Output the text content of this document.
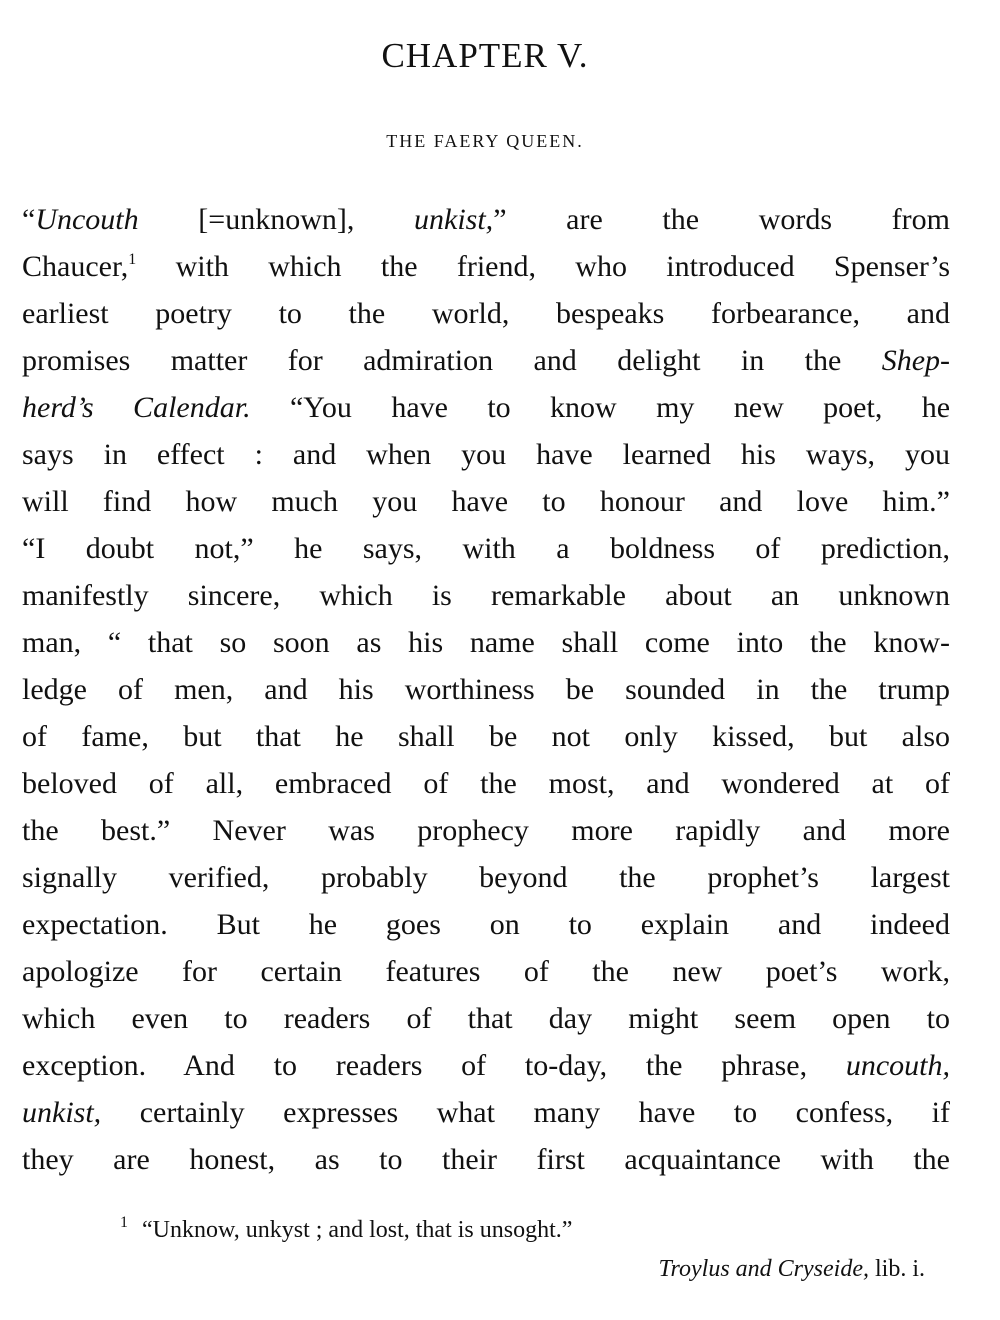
CHAPTER V.
THE FAERY QUEEN.
“Uncouth [=unknown], unkist,” are the words from
Chaucer,$^1$ with which the friend, who introduced Spenser’s
earliest poetry to the world, bespeaks forbearance, and
promises matter for admiration and delight in the Shep-
herd’s Calendar. “You have to know my new poet, he
says in effect : and when you have learned his ways, you
will find how much you have to honour and love him.”
“I doubt not,” he says, with a boldness of prediction,
manifestly sincere, which is remarkable about an unknown
man, “ that so soon as his name shall come into the know-
ledge of men, and his worthiness be sounded in the trump
of fame, but that he shall be not only kissed, but also
beloved of all, embraced of the most, and wondered at of
the best.” Never was prophecy more rapidly and more
signally verified, probably beyond the prophet’s largest
expectation. But he goes on to explain and indeed
apologize for certain features of the new poet’s work,
which even to readers of that day might seem open to
exception. And to readers of to-day, the phrase, uncouth,
unkist, certainly expresses what many have to confess, if
they are honest, as to their first acquaintance with the
$^1$ “Unknow, unkyst ; and lost, that is unsoght.”
Troylus and Cryseide, lib. i.
